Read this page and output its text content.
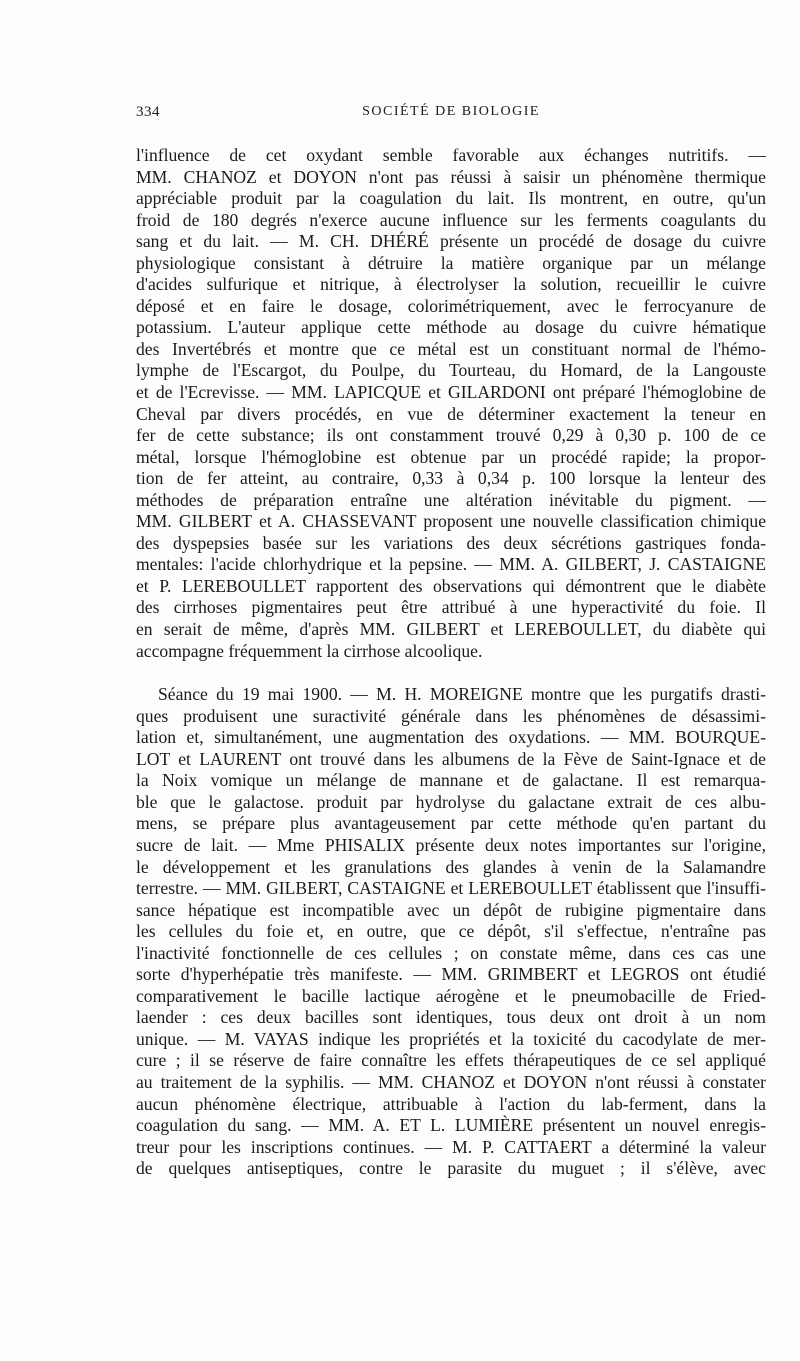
334	SOCIÉTÉ DE BIOLOGIE
l'influence de cet oxydant semble favorable aux échanges nutritifs. —
MM. CHANOZ et DOYON n'ont pas réussi à saisir un phénomène thermique
appréciable produit par la coagulation du lait. Ils montrent, en outre, qu'un
froid de 180 degrés n'exerce aucune influence sur les ferments coagulants du
sang et du lait. — M. CH. DHÉRÉ présente un procédé de dosage du cuivre
physiologique consistant à détruire la matière organique par un mélange
d'acides sulfurique et nitrique, à électrolyser la solution, recueillir le cuivre
déposé et en faire le dosage, colorimétriquement, avec le ferrocyanure de
potassium. L'auteur applique cette méthode au dosage du cuivre hématique
des Invertébrés et montre que ce métal est un constituant normal de l'hémo-
lymphe de l'Escargot, du Poulpe, du Tourteau, du Homard, de la Langouste
et de l'Ecrevisse. — MM. LAPICQUE et GILARDONI ont préparé l'hémoglobine de
Cheval par divers procédés, en vue de déterminer exactement la teneur en
fer de cette substance; ils ont constamment trouvé 0,29 à 0,30 p. 100 de ce
métal, lorsque l'hémoglobine est obtenue par un procédé rapide; la propor-
tion de fer atteint, au contraire, 0,33 à 0,34 p. 100 lorsque la lenteur des
méthodes de préparation entraîne une altération inévitable du pigment. —
MM. GILBERT et A. CHASSEVANT proposent une nouvelle classification chimique
des dyspepsies basée sur les variations des deux sécrétions gastriques fonda-
mentales: l'acide chlorhydrique et la pepsine. — MM. A. GILBERT, J. CASTAIGNE
et P. LEREBOULLET rapportent des observations qui démontrent que le diabète
des cirrhoses pigmentaires peut être attribué à une hyperactivité du foie. Il
en serait de même, d'après MM. GILBERT et LEREBOULLET, du diabète qui
accompagne fréquemment la cirrhose alcoolique.
Séance du 19 mai 1900. — M. H. MOREIGNE montre que les purgatifs drasti-
ques produisent une suractivité générale dans les phénomènes de désassimi-
lation et, simultanément, une augmentation des oxydations. — MM. BOURQUE-
LOT et LAURENT ont trouvé dans les albumens de la Fève de Saint-Ignace et de
la Noix vomique un mélange de mannane et de galactane. Il est remarqua-
ble que le galactose. produit par hydrolyse du galactane extrait de ces albu-
mens, se prépare plus avantageusement par cette méthode qu'en partant du
sucre de lait. — Mme PHISALIX présente deux notes importantes sur l'origine,
le développement et les granulations des glandes à venin de la Salamandre
terrestre. — MM. GILBERT, CASTAIGNE et LEREBOULLET établissent que l'insuffi-
sance hépatique est incompatible avec un dépôt de rubigine pigmentaire dans
les cellules du foie et, en outre, que ce dépôt, s'il s'effectue, n'entraîne pas
l'inactivité fonctionnelle de ces cellules ; on constate même, dans ces cas une
sorte d'hyperhépatie très manifeste. — MM. GRIMBERT et LEGROS ont étudié
comparativement le bacille lactique aérogène et le pneumobacille de Fried-
laender : ces deux bacilles sont identiques, tous deux ont droit à un nom
unique. — M. VAYAS indique les propriétés et la toxicité du cacodylate de mer-
cure ; il se réserve de faire connaître les effets thérapeutiques de ce sel appliqué
au traitement de la syphilis. — MM. CHANOZ et DOYON n'ont réussi à constater
aucun phénomène électrique, attribuable à l'action du lab-ferment, dans la
coagulation du sang. — MM. A. ET L. LUMIÈRE présentent un nouvel enregis-
treur pour les inscriptions continues. — M. P. CATTAERT a déterminé la valeur
de quelques antiseptiques, contre le parasite du muguet ; il s'élève, avec
